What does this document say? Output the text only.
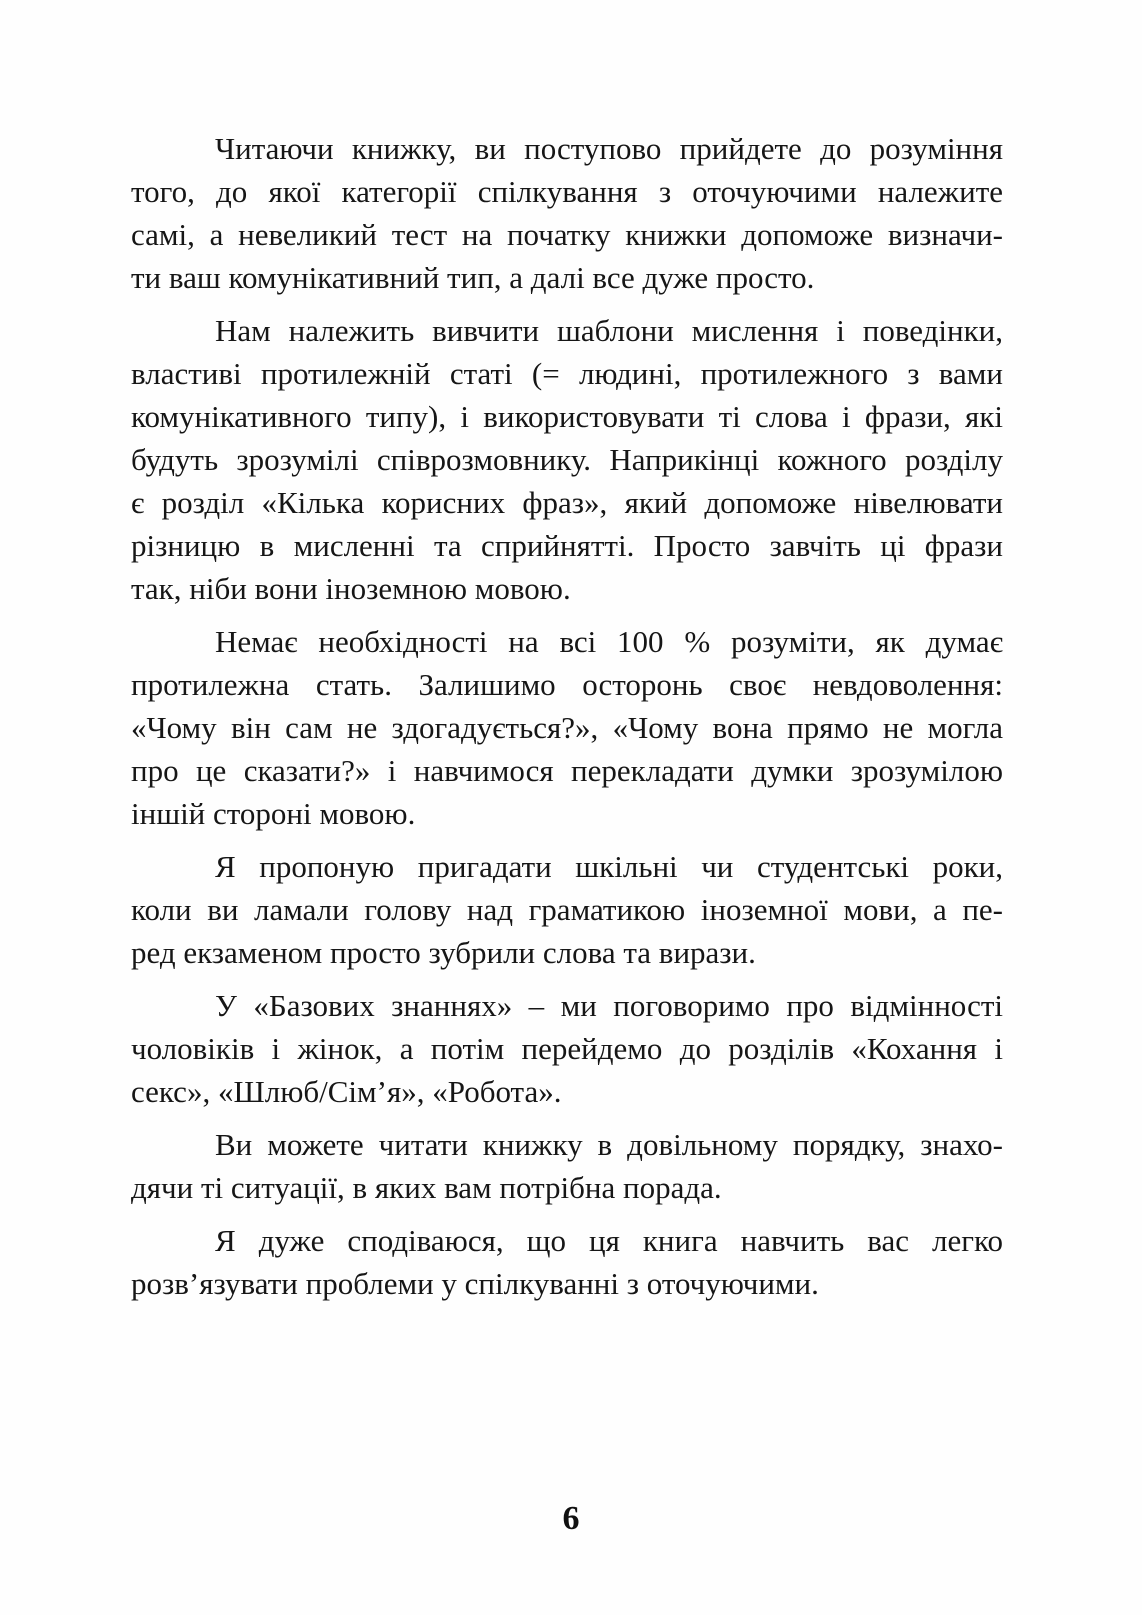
Читаючи книжку, ви поступово прийдете до розуміння
того, до якої категорії спілкування з оточуючими належите
самі, а невеликий тест на початку книжки допоможе визначи-
ти ваш комунікативний тип, а далі все дуже просто.

Нам належить вивчити шаблони мислення і поведінки,
властиві протилежній статі (= людині, протилежного з вами
комунікативного типу), і використовувати ті слова і фрази, які
будуть зрозумілі співрозмовнику. Наприкінці кожного розділу
є розділ «Кілька корисних фраз», який допоможе нівелювати
різницю в мисленні та сприйнятті. Просто завчіть ці фрази
так, ніби вони іноземною мовою.

Немає необхідності на всі 100 % розуміти, як думає
протилежна стать. Залишимо осторонь своє невдоволення:
«Чому він сам не здогадується?», «Чому вона прямо не могла
про це сказати?» і навчимося перекладати думки зрозумілою
іншій стороні мовою.

Я пропоную пригадати шкільні чи студентські роки,
коли ви ламали голову над граматикою іноземної мови, а пе-
ред екзаменом просто зубрили слова та вирази.

У «Базових знаннях» – ми поговоримо про відмінності
чоловіків і жінок, а потім перейдемо до розділів «Кохання і
секс», «Шлюб/Сім’я», «Робота».

Ви можете читати книжку в довільному порядку, знахо-
дячи ті ситуації, в яких вам потрібна порада.

Я дуже сподіваюся, що ця книга навчить вас легко
розв’язувати проблеми у спілкуванні з оточуючими.

6
